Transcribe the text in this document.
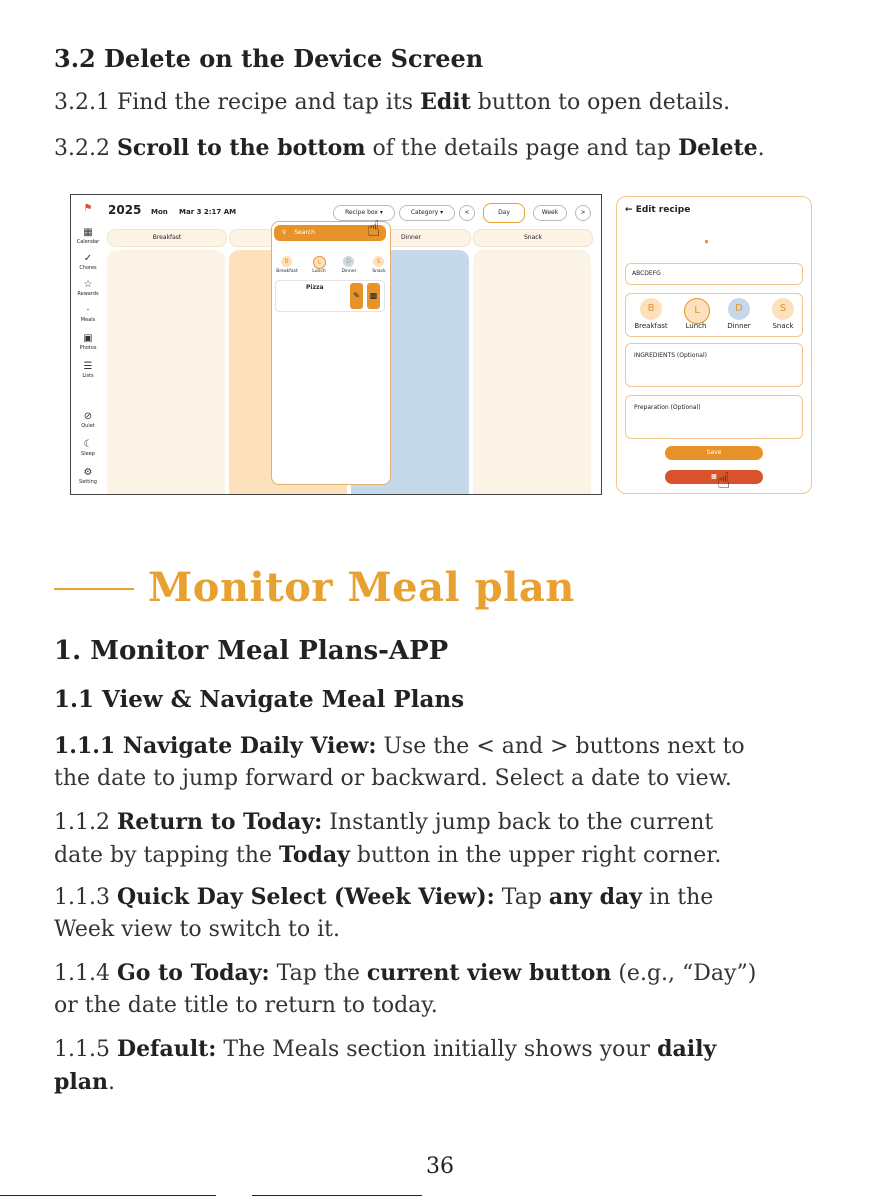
3.2 Delete on the Device Screen
3.2.1 Find the recipe and tap its Edit button to open details.
3.2.2 Scroll to the bottom of the details page and tap Delete.
⚑
▦
Calendar
✓
Chores
☆
Rewards
⸱
Meals
▣
Photos
☰
Lists
⊘
Quiet
☾
Sleep
⚙
Setting
2025 Mon Mar 3 2:17 AM	Recipe box ▾	Category ▾	<	Day	Week	>
Breakfast	Dinner	Snack
⚲ Search
B	L	D	S
Breakfast	Lunch	Dinner	Snack
Pizza
✎	▩
☝
← Edit recipe
⸱
ABCDEFG
B	L	D	S
Breakfast	Lunch	Dinner	Snack
INGREDIENTS (Optional)
Preparation (Optional)
Save
▩ ☝
Monitor Meal plan
1. Monitor Meal Plans-APP
1.1 View & Navigate Meal Plans
1.1.1 Navigate Daily View: Use the < and > buttons next to
the date to jump forward or backward. Select a date to view.
1.1.2 Return to Today: Instantly jump back to the current
date by tapping the Today button in the upper right corner.
1.1.3 Quick Day Select (Week View): Tap any day in the
Week view to switch to it.
1.1.4 Go to Today: Tap the current view button (e.g., “Day”)
or the date title to return to today.
1.1.5 Default: The Meals section initially shows your daily
plan.
36
